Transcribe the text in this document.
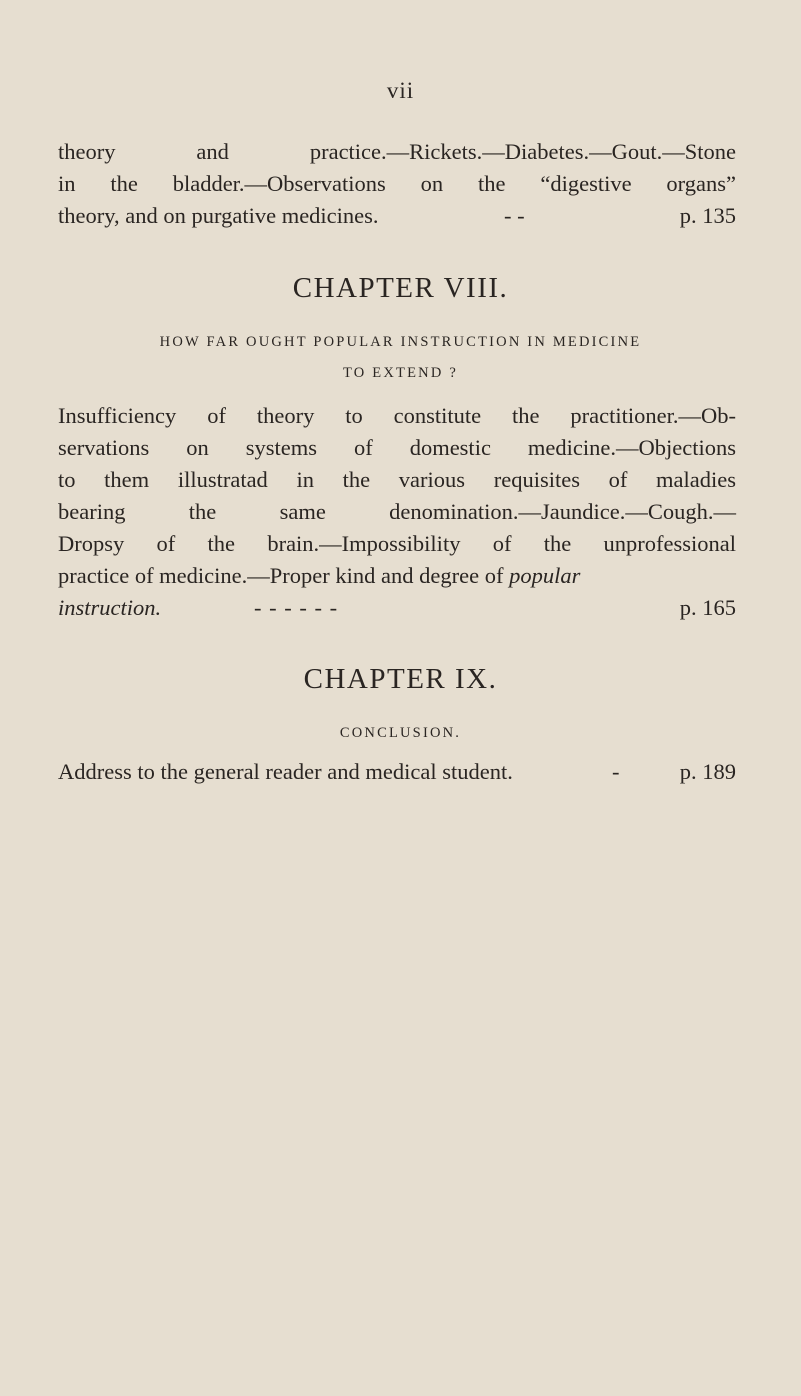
vii
theory and practice.—Rickets.—Diabetes.—Gout.—Stone
in the bladder.—Observations on the “digestive organs”
theory, and on purgative medicines.	- -	p. 135
CHAPTER VIII.
HOW FAR OUGHT POPULAR INSTRUCTION IN MEDICINE
TO EXTEND ?
Insufficiency of theory to constitute the practitioner.—Ob-
servations on systems of domestic medicine.—Objections
to them illustratad in the various requisites of maladies
bearing the same denomination.—Jaundice.—Cough.—
Dropsy of the brain.—Impossibility of the unprofessional
practice of medicine.—Proper kind and degree of popular
instruction.	- - - - - -	p. 165
CHAPTER IX.
CONCLUSION.
Address to the general reader and medical student.	-	p. 189
